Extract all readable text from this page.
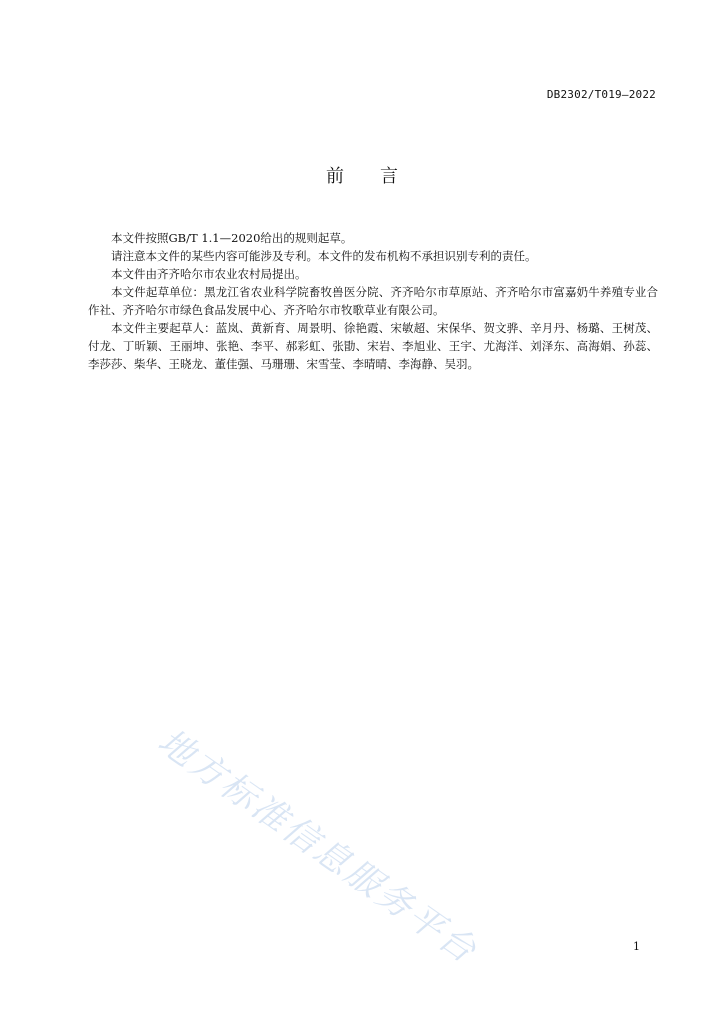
DB2302/T019—2022
前言

本文件按照GB/T 1.1—2020给出的规则起草。

请注意本文件的某些内容可能涉及专利。本文件的发布机构不承担识别专利的责任。

本文件由齐齐哈尔市农业农村局提出。

本文件起草单位：黑龙江省农业科学院畜牧兽医分院、齐齐哈尔市草原站、齐齐哈尔市富嘉奶牛养殖专业合作社、齐齐哈尔市绿色食品发展中心、齐齐哈尔市牧歌草业有限公司。

本文件主要起草人：蓝岚、黄新育、周景明、徐艳霞、宋敏超、宋保华、贺文骅、辛月丹、杨璐、王树茂、付龙、丁昕颖、王丽坤、张艳、李平、郝彩虹、张勖、宋岩、李旭业、王宇、尤海洋、刘泽东、高海娟、孙蕊、李莎莎、柴华、王晓龙、董佳强、马珊珊、宋雪莹、李晴晴、李海静、吴羽。

地方标准信息服务平台	1
